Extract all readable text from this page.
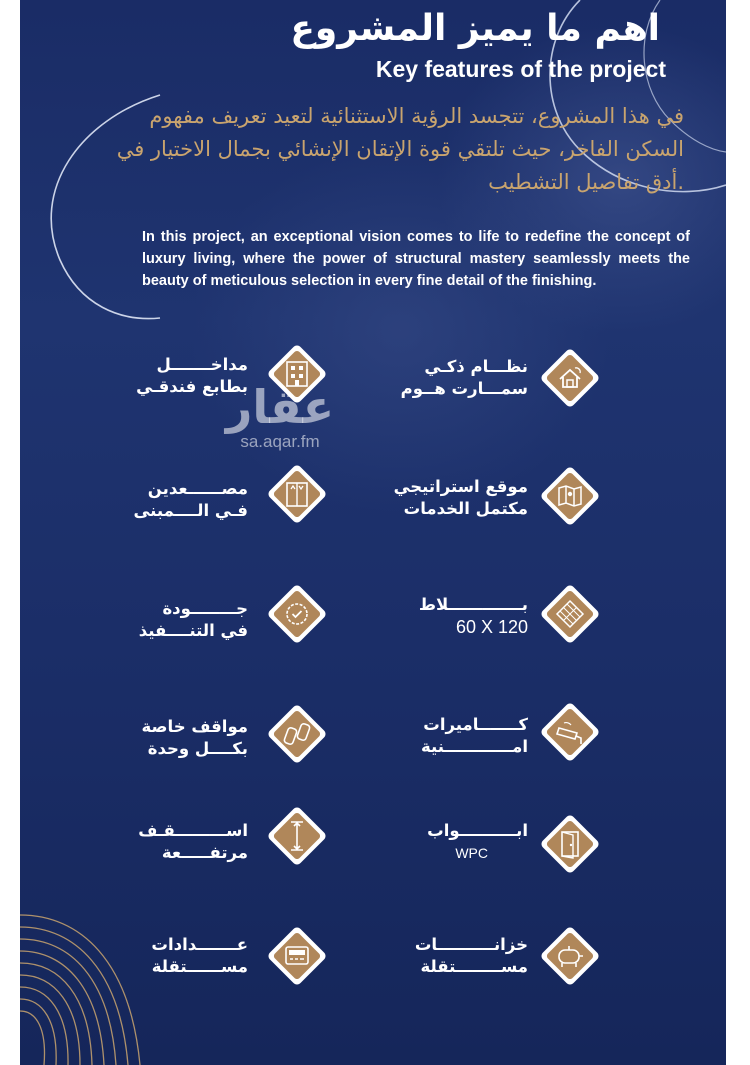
اهم ما يميز المشروع
Key features of the project

في هذا المشروع، تتجسد الرؤية الاستثنائية لتعيد تعريف مفهوم
السكن الفاخر، حيث تلتقي قوة الإتقان الإنشائي بجمال الاختيار في
.أدق تفاصيل التشطيب

In this project, an exceptional vision comes to life to redefine the concept of luxury living, where the power of structural mastery seamlessly meets the beauty of meticulous selection in every fine detail of the finishing.

نظـــام ذكـي
سمـــارت هــوم
مداخـــــــل
بطابع فندقـي
موقع استراتيجي
مكتمل الخدمات
مصــــــعدين
فـي الــــمبنى
بـــــــــــــلاط
60 X 120
جــــــــودة
في التنــــفيذ
كـــــــاميرات
امــــــــــــنية
مواقف خاصة
بكــــل وحدة
ابــــــــــواب
WPC
اســـــــــقـف
مرتفـــــعة
خزانــــــــــات
مســــــــتقلة
عـــــــدادات
مســــــتقلة
عقار
sa.aqar.fm
